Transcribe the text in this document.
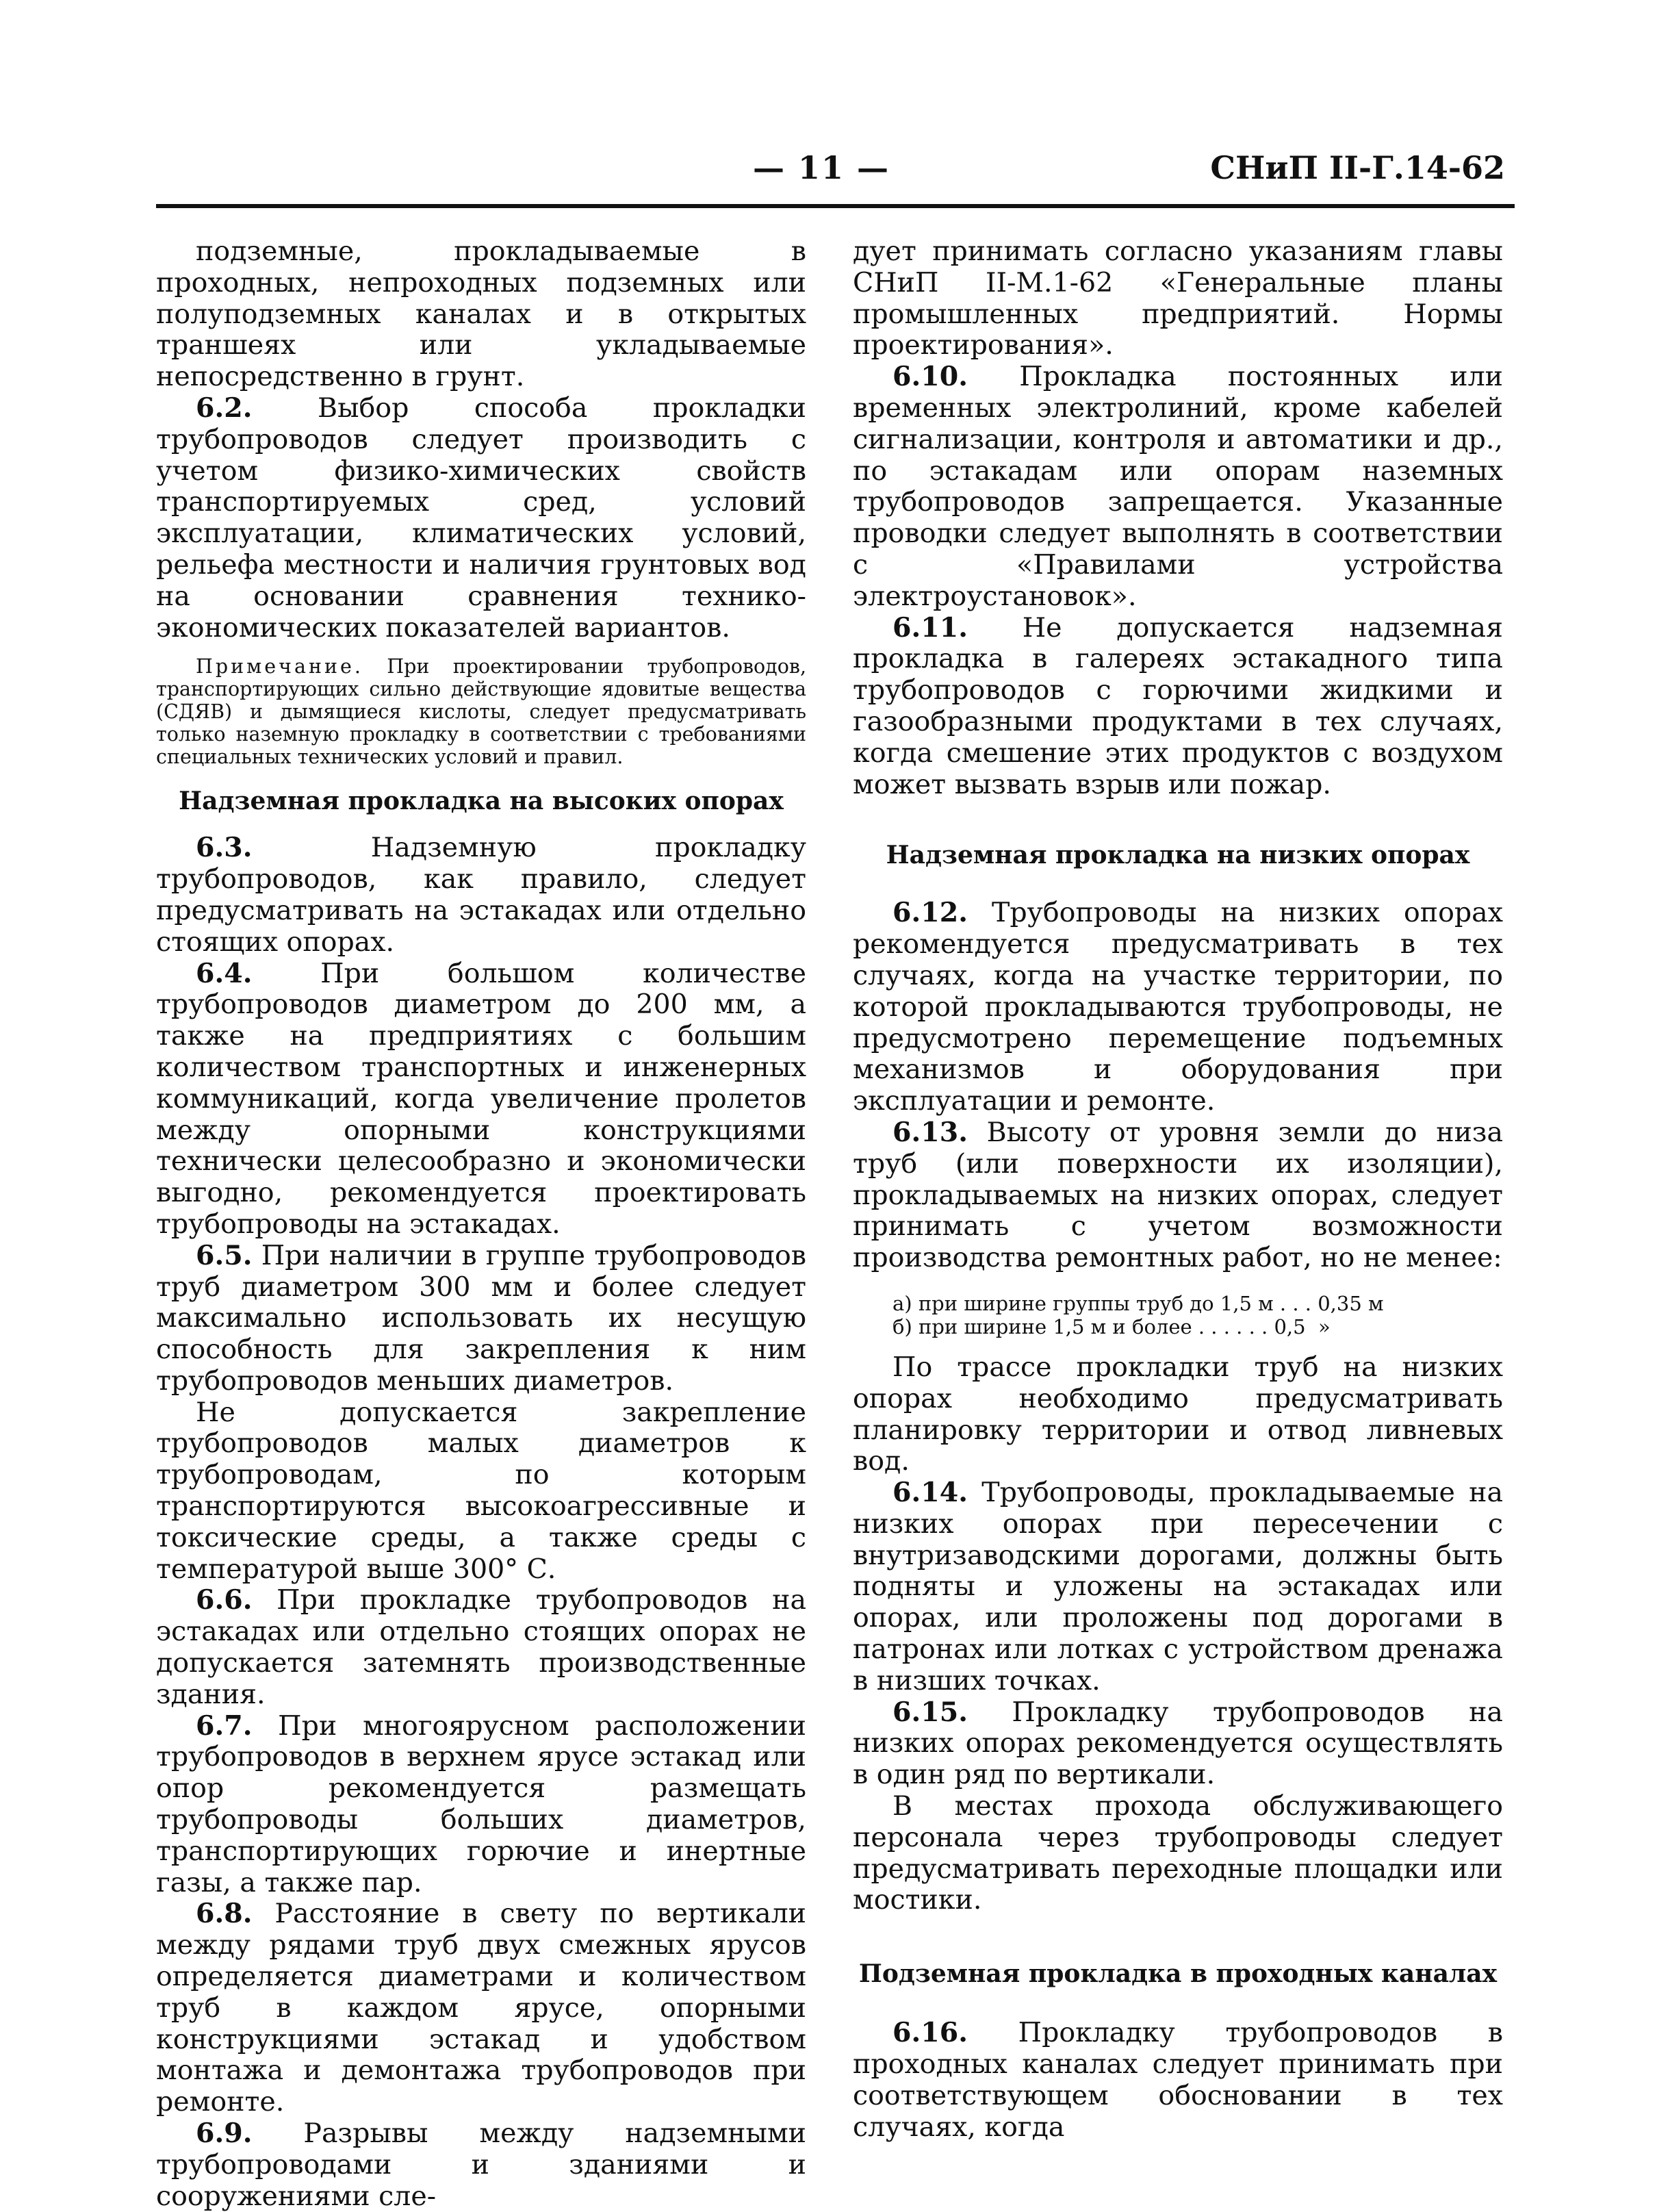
— 11 —	СНиП II-Г.14-62

подземные, прокладываемые в проходных, непроходных подземных или полуподземных каналах и в открытых траншеях или укладываемые непосредственно в грунт.

6.2. Выбор способа прокладки трубопроводов следует производить с учетом физико-химических свойств транспортируемых сред, условий эксплуатации, климатических условий, рельефа местности и наличия грунтовых вод на основании сравнения технико-экономических показателей вариантов.

Примечание. При проектировании трубопроводов, транспортирующих сильно действующие ядовитые вещества (СДЯВ) и дымящиеся кислоты, следует предусматривать только наземную прокладку в соответствии с требованиями специальных технических условий и правил.

Надземная прокладка на высоких опорах

6.3. Надземную прокладку трубопроводов, как правило, следует предусматривать на эстакадах или отдельно стоящих опорах.

6.4. При большом количестве трубопроводов диаметром до 200 мм, а также на предприятиях с большим количеством транспортных и инженерных коммуникаций, когда увеличение пролетов между опорными конструкциями технически целесообразно и экономически выгодно, рекомендуется проектировать трубопроводы на эстакадах.

6.5. При наличии в группе трубопроводов труб диаметром 300 мм и более следует максимально использовать их несущую способность для закрепления к ним трубопроводов меньших диаметров.

Не допускается закрепление трубопроводов малых диаметров к трубопроводам, по которым транспортируются высокоагрессивные и токсические среды, а также среды с температурой выше 300° С.

6.6. При прокладке трубопроводов на эстакадах или отдельно стоящих опорах не допускается затемнять производственные здания.

6.7. При многоярусном расположении трубопроводов в верхнем ярусе эстакад или опор рекомендуется размещать трубопроводы больших диаметров, транспортирующих горючие и инертные газы, а также пар.

6.8. Расстояние в свету по вертикали между рядами труб двух смежных ярусов определяется диаметрами и количеством труб в каждом ярусе, опорными конструкциями эстакад и удобством монтажа и демонтажа трубопроводов при ремонте.

6.9. Разрывы между надземными трубопроводами и зданиями и сооружениями сле-

дует принимать согласно указаниям главы СНиП II-М.1-62 «Генеральные планы промышленных предприятий. Нормы проектирования».

6.10. Прокладка постоянных или временных электролиний, кроме кабелей сигнализации, контроля и автоматики и др., по эстакадам или опорам наземных трубопроводов запрещается. Указанные проводки следует выполнять в соответствии с «Правилами устройства электроустановок».

6.11. Не допускается надземная прокладка в галереях эстакадного типа трубопроводов с горючими жидкими и газообразными продуктами в тех случаях, когда смешение этих продуктов с воздухом может вызвать взрыв или пожар.

Надземная прокладка на низких опорах

6.12. Трубопроводы на низких опорах рекомендуется предусматривать в тех случаях, когда на участке территории, по которой прокладываются трубопроводы, не предусмотрено перемещение подъемных механизмов и оборудования при эксплуатации и ремонте.

6.13. Высоту от уровня земли до низа труб (или поверхности их изоляции), прокладываемых на низких опорах, следует принимать с учетом возможности производства ремонтных работ, но не менее:

а) при ширине группы труб до 1,5 м . . . 0,35 м
б) при ширине 1,5 м и более . . . . . . 0,5  »

По трассе прокладки труб на низких опорах необходимо предусматривать планировку территории и отвод ливневых вод.

6.14. Трубопроводы, прокладываемые на низких опорах при пересечении с внутризаводскими дорогами, должны быть подняты и уложены на эстакадах или опорах, или проложены под дорогами в патронах или лотках с устройством дренажа в низших точках.

6.15. Прокладку трубопроводов на низких опорах рекомендуется осуществлять в один ряд по вертикали.

В местах прохода обслуживающего персонала через трубопроводы следует предусматривать переходные площадки или мостики.

Подземная прокладка в проходных каналах

6.16. Прокладку трубопроводов в проходных каналах следует принимать при соответствующем обосновании в тех случаях, когда
